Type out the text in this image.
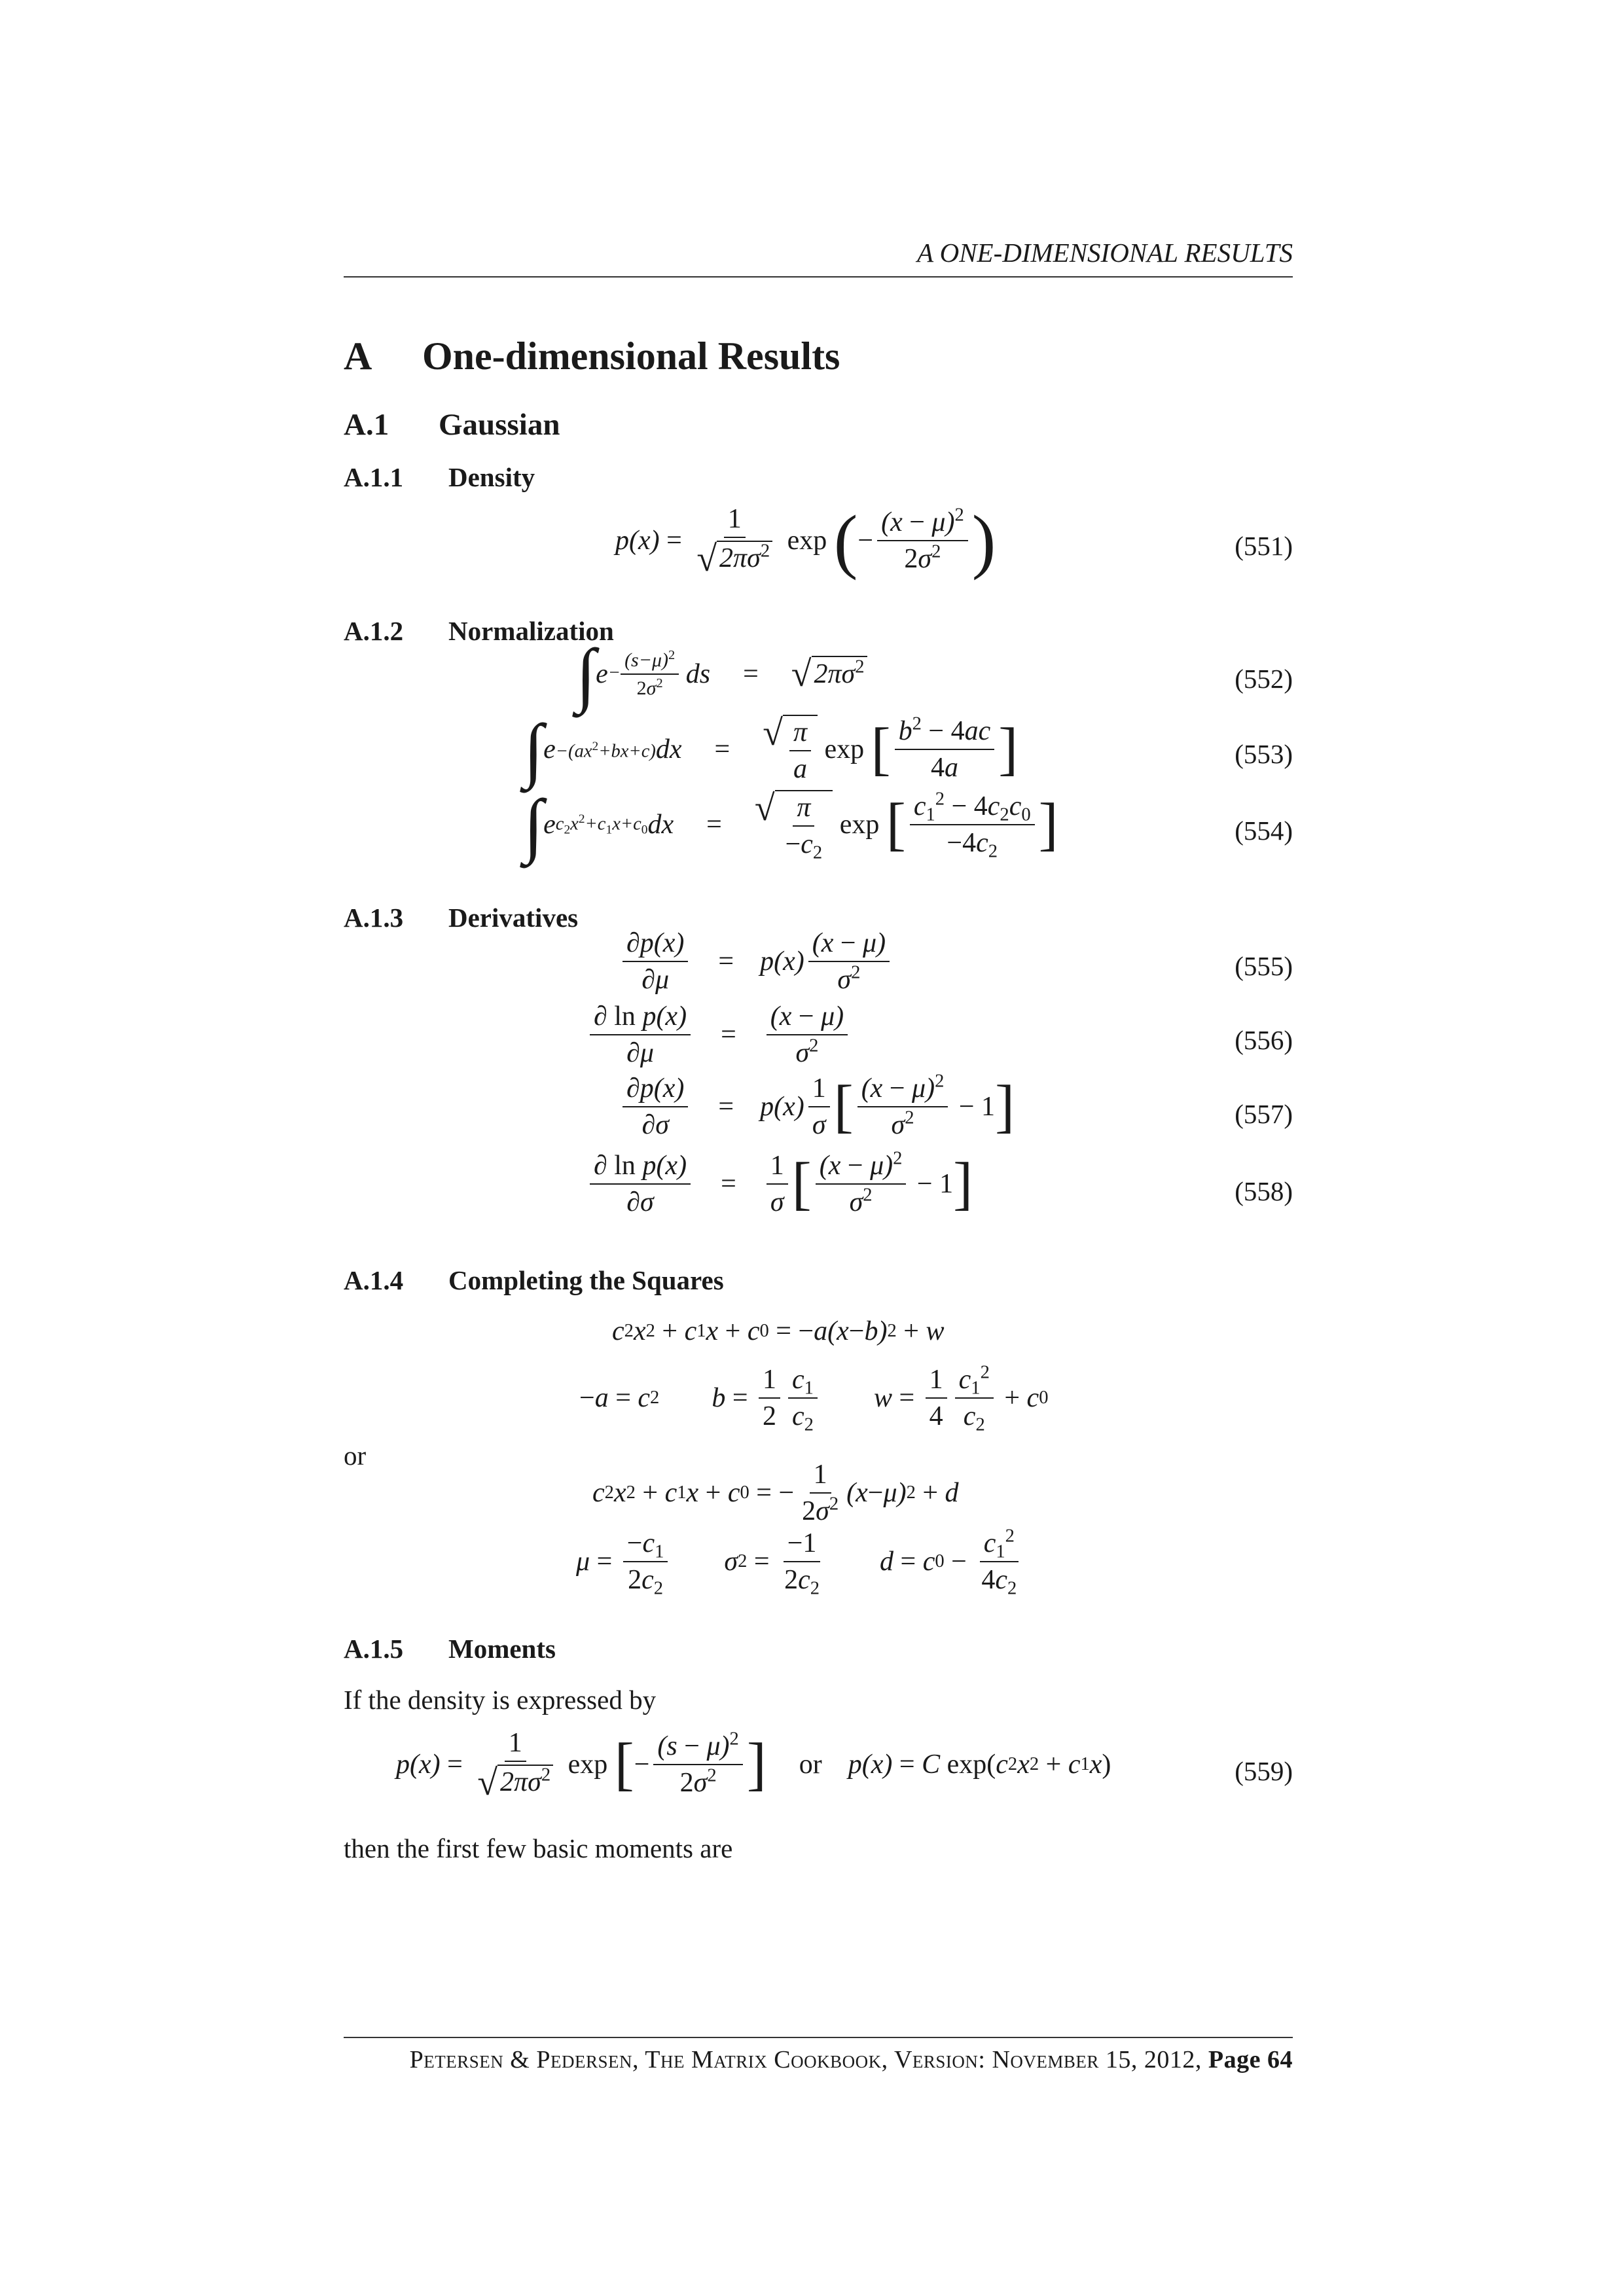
A ONE-DIMENSIONAL RESULTS
A One-dimensional Results
A.1 Gaussian
A.1.1 Density
$p(x) = \frac{1}{√ 2\pi\sigma^2}$ exp ( − $\frac{(x - \mu)^2}{2\sigma^2}$ )	(551)
A.1.2 Normalization
∫ $e - \frac{(s-\mu)^2}{2\sigma^2}$ ds = √ $2\pi\sigma^2$	(552)
∫ $e -(ax^2+bx+c)$ dx = √ $\frac{\pi}{a}$ exp [ $\frac{b^2 - 4ac}{4a}$ ]	(553)
∫ e $c_2x^2+c_1x+c_0$ dx = √ $\frac{\pi}{-c_2}$ exp [ $\frac{c_1^2 - 4c_2c_0}{-4c_2}$ ]	(554)
A.1.3 Derivatives
$\frac{\partial p(x)}{\partial\mu} = p(x) \frac{(x - \mu)}{\sigma^2}$	(555)
$\frac{\text{∂ ln p(x)}}{\partial\mu} = \frac{(x - \mu)}{\sigma^2}$	(556)
$\frac{\partial p(x)}{\partial\sigma} = p(x) \frac{1}{\sigma}$ [ $\frac{(x - \mu)^2}{\sigma^2} - 1$ ]	(557)
$\frac{\text{∂ ln p(x)}}{\partial\sigma} = \frac{1}{\sigma}$ [ $\frac{(x - \mu)^2}{\sigma^2} - 1$ ]	(558)
A.1.4 Completing the Squares
c 2 x 2 + c 1 x + c 0 = − a(x − b) 2 + w
− a = c 2 $b = \frac{1}{2} \frac{c_1}{c_2}$ $w = \frac{1}{4} \frac{c_1^2}{c_2} + c$ 0
or
c 2 x 2 + c 1 x + c 0 = − $\frac{1}{2\sigma^2} (x - \mu) 2 + d$
$\mu = \frac{-c_1}{2c_2}$ σ $2 = \frac{-1}{2c_2}$ d = c $0 - \frac{c_1^2}{4c_2}$
A.1.5 Moments
If the density is expressed by
$p(x) = \frac{1}{√ 2\pi\sigma^2}$ exp [ − $\frac{(s - \mu)^2}{2\sigma^2}$ ] or p(x) = C exp( c 2 x 2 + c 1 x )	(559)
then the first few basic moments are
Petersen & Pedersen, The Matrix Cookbook, Version: November 15, 2012, Page 64
